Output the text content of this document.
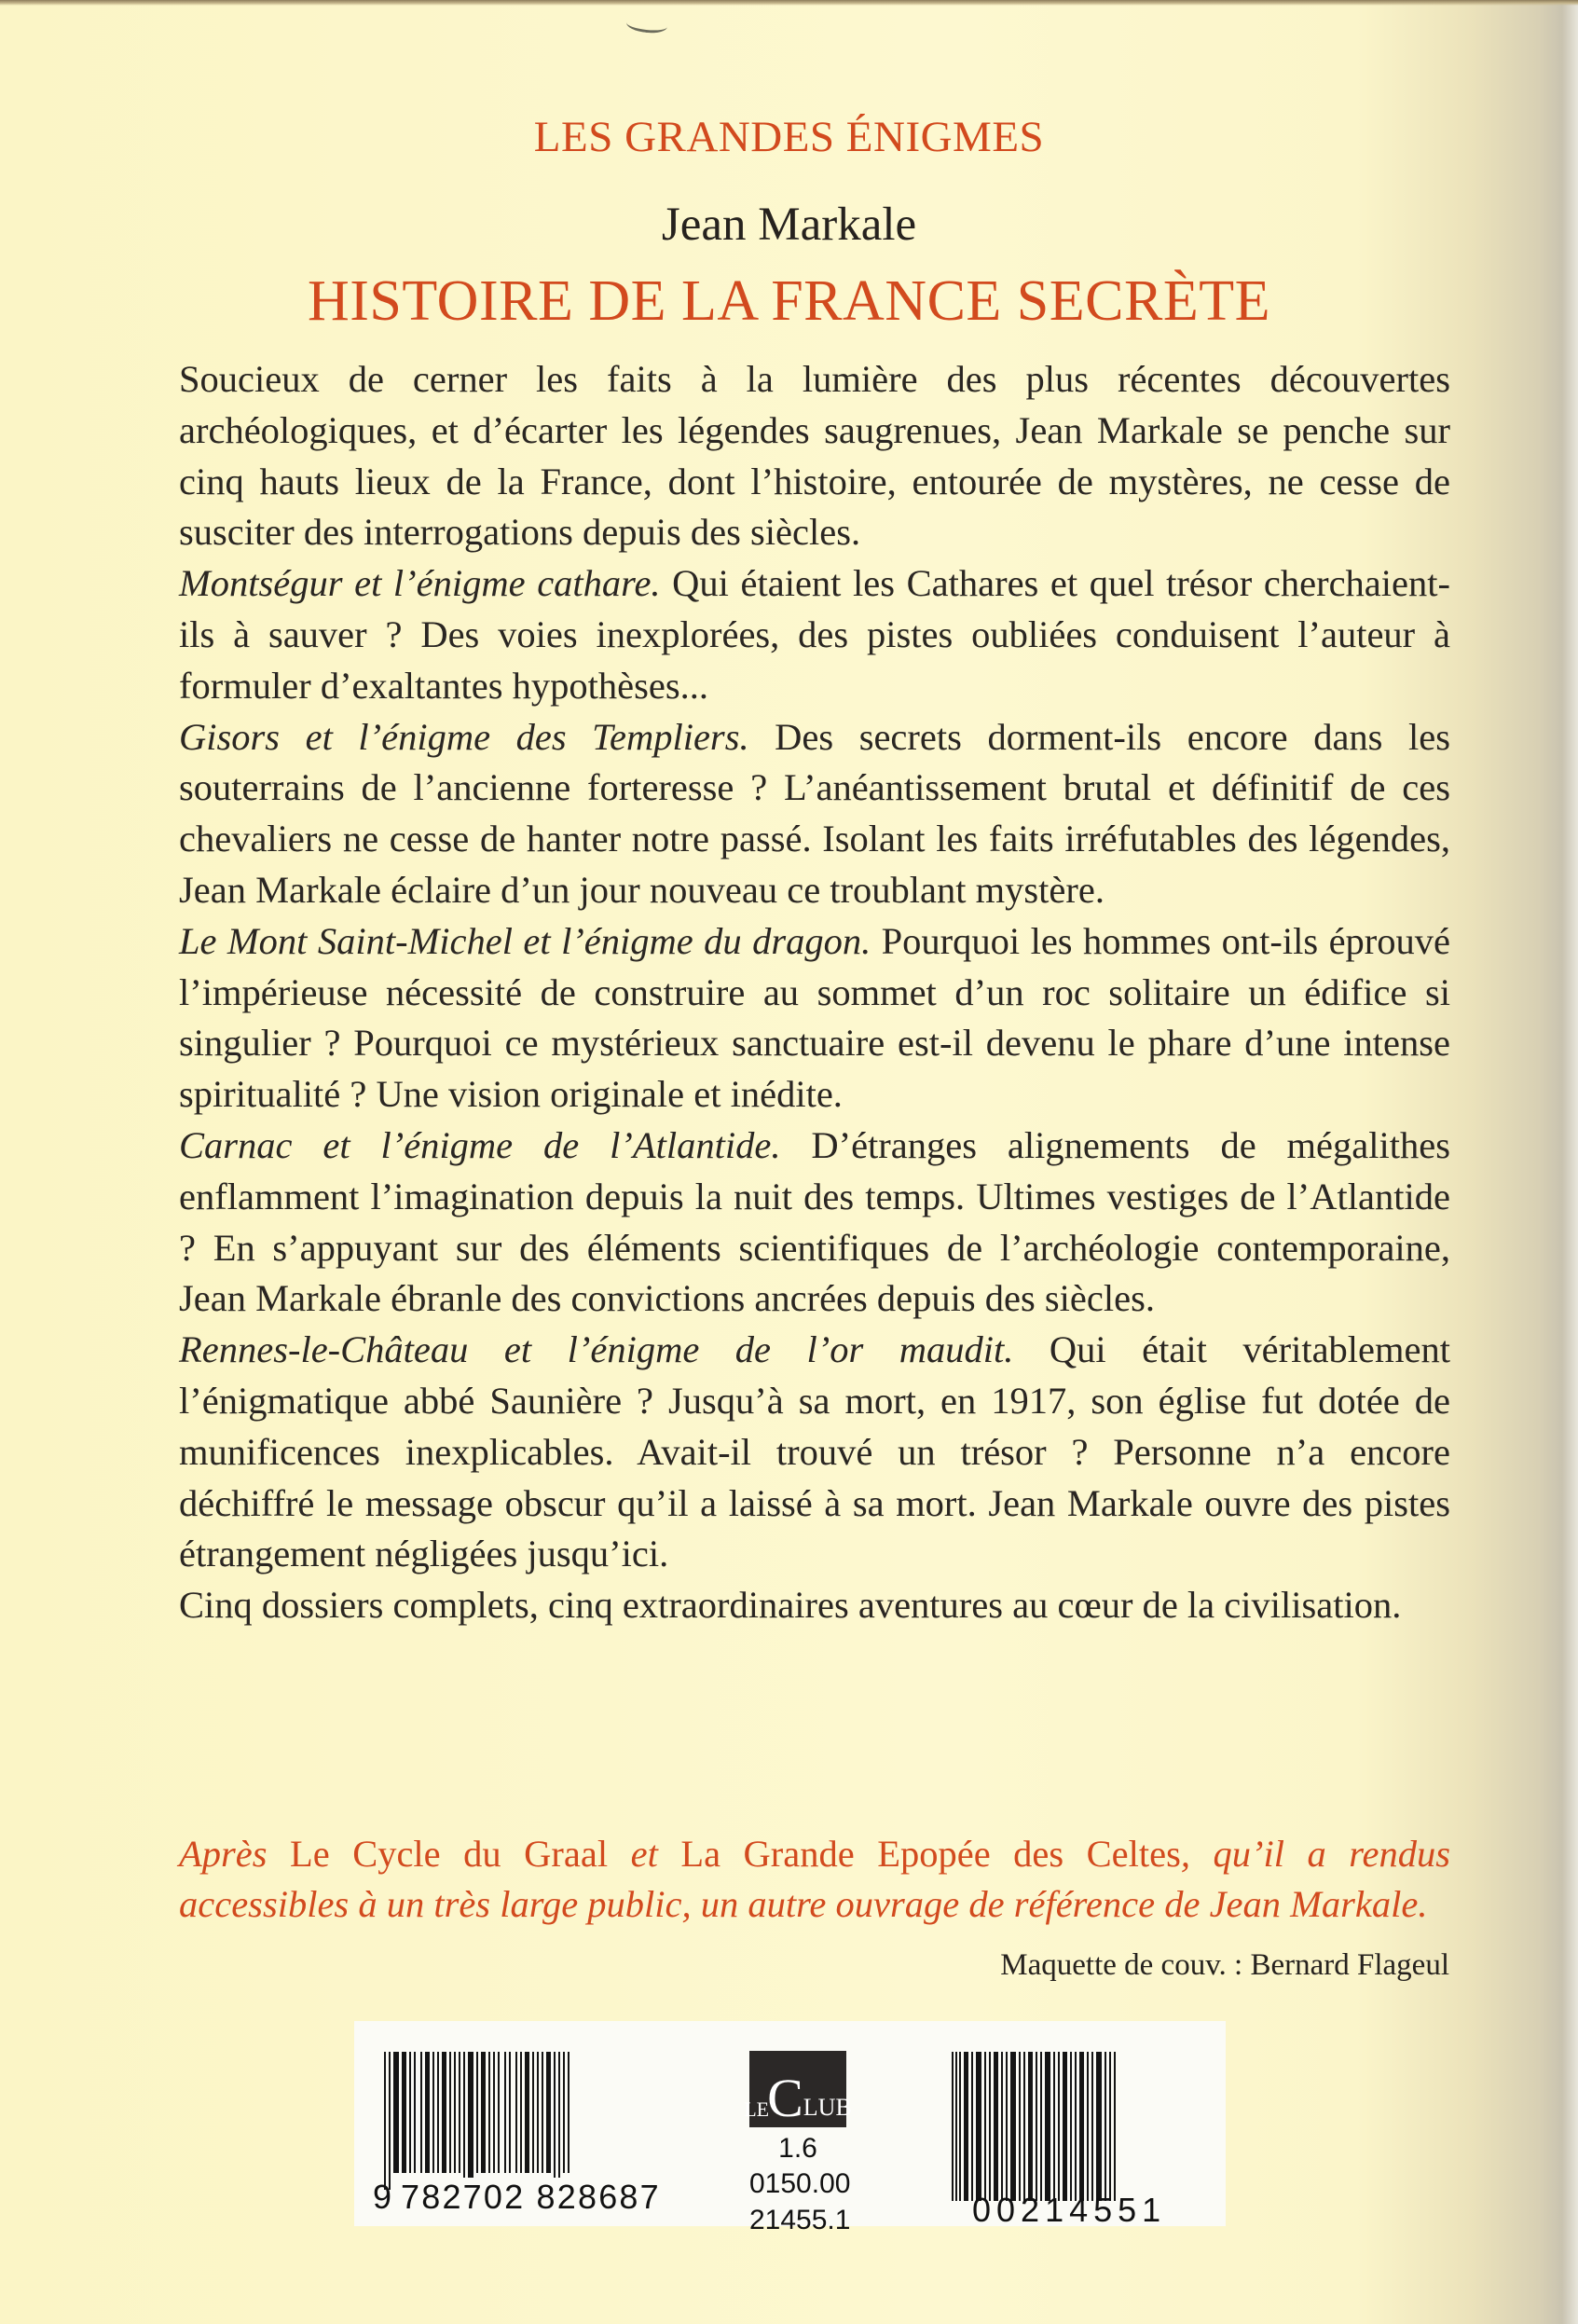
LES GRANDES ÉNIGMES
Jean Markale
HISTOIRE DE LA FRANCE SECRÈTE

Soucieux de cerner les faits à la lumière des plus récentes découvertes archéologiques, et d’écarter les légendes saugrenues, Jean Markale se penche sur cinq hauts lieux de la France, dont l’histoire, entourée de mystères, ne cesse de susciter des interrogations depuis des siècles.

Montségur et l’énigme cathare. Qui étaient les Cathares et quel trésor cherchaient-ils à sauver ? Des voies inexplorées, des pistes oubliées conduisent l’auteur à formuler d’exaltantes hypothèses...

Gisors et l’énigme des Templiers. Des secrets dorment-ils encore dans les souterrains de l’ancienne forteresse ? L’anéantissement brutal et définitif de ces chevaliers ne cesse de hanter notre passé. Isolant les faits irréfutables des légendes, Jean Markale éclaire d’un jour nouveau ce troublant mystère.

Le Mont Saint-Michel et l’énigme du dragon. Pourquoi les hommes ont-ils éprouvé l’impérieuse nécessité de construire au sommet d’un roc solitaire un édifice si singulier ? Pourquoi ce mystérieux sanctuaire est-il devenu le phare d’une intense spiritualité ? Une vision originale et inédite.

Carnac et l’énigme de l’Atlantide. D’étranges alignements de mégalithes enflamment l’imagination depuis la nuit des temps. Ultimes vestiges de l’Atlantide ? En s’appuyant sur des éléments scientifiques de l’archéologie contemporaine, Jean Markale ébranle des convictions ancrées depuis des siècles.

Rennes-le-Château et l’énigme de l’or maudit. Qui était véritablement l’énigmatique abbé Saunière ? Jusqu’à sa mort, en 1917, son église fut dotée de munificences inexplicables. Avait-il trouvé un trésor ? Personne n’a encore déchiffré le message obscur qu’il a laissé à sa mort. Jean Markale ouvre des pistes étrangement négligées jusqu’ici.

Cinq dossiers complets, cinq extraordinaires aventures au cœur de la civilisation.

Après Le Cycle du Graal et La Grande Epopée des Celtes, qu’il a rendus accessibles à un très large public, un autre ouvrage de référence de Jean Markale.
Maquette de couv. : Bernard Flageul
9 782702 828687
LE
C LUB
1.6
0150.00
21455.1	00214551
